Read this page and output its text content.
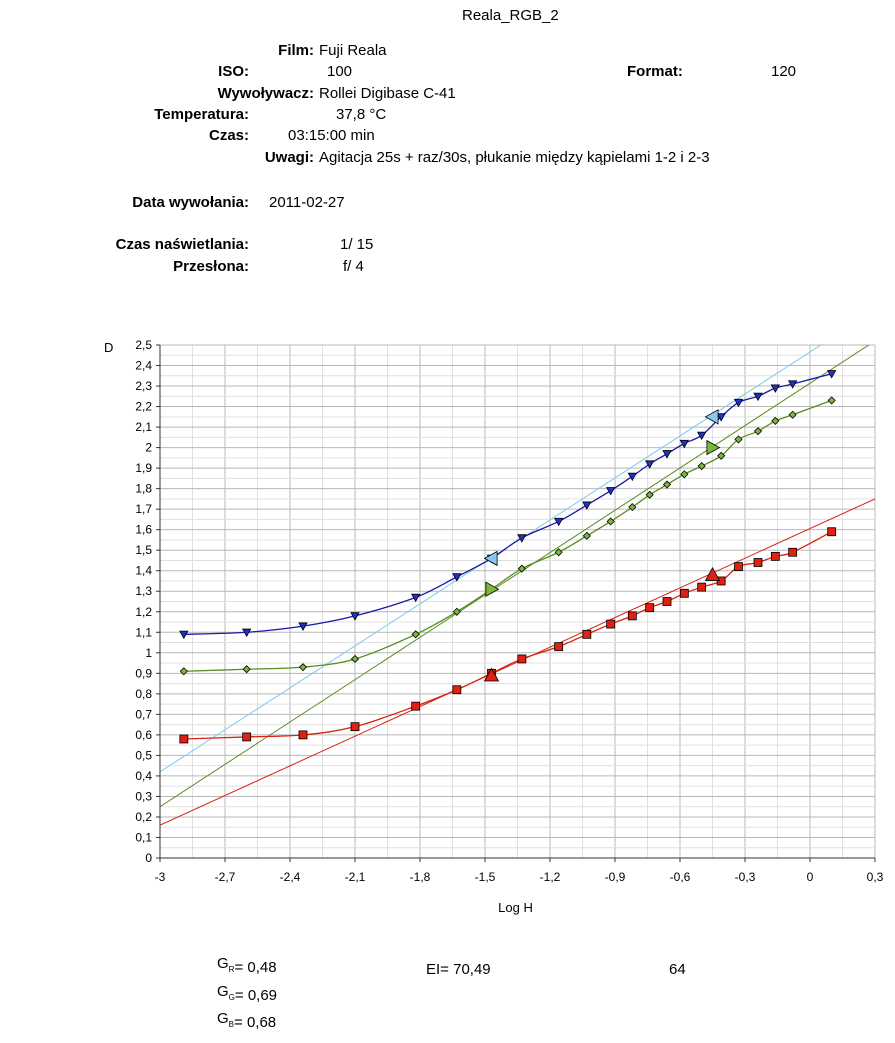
Reala_RGB_2
Film: Fuji Reala
ISO:	100	Format:	120
Wywoływacz: Rollei Digibase C-41
Temperatura:	37,8 °C
Czas:	03:15:00 min
Uwagi: Agitacja 25s + raz/30s, płukanie między kąpielami 1-2 i 2-3
Data wywołania: 2011-02-27
Czas naświetlania:	1/ 15
Przesłona:	f/ 4
-3	-2,7	-2,4	-2,1	-1,8	-1,5	-1,2	-0,9	-0,6	-0,3	0	0,3
0
0,1
0,2
0,3
0,4
0,5
0,6
0,7
0,8
0,9
1
1,1
1,2
1,3
1,4
1,5
1,6
1,7
1,8
1,9
2
2,1
2,2
2,3
2,4
2,5
Log H
D
$G_R= 0,48$
$G_G= 0,69$
$G_B= 0,68$
EI= 70,49	64
